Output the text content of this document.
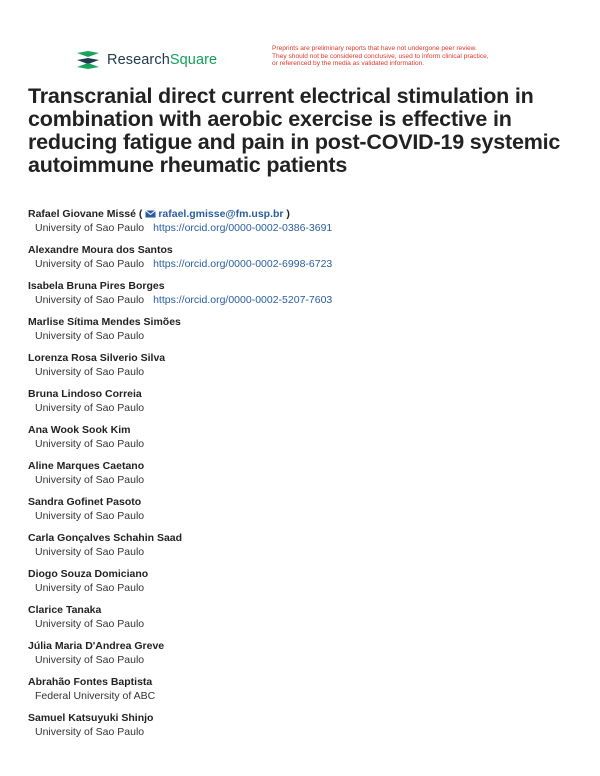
ResearchSquare
Preprints are preliminary reports that have not undergone peer review.
They should not be considered conclusive, used to inform clinical practice,
or referenced by the media as validated information.
Transcranial direct current electrical stimulation in combination with aerobic exercise is effective in reducing fatigue and pain in post-COVID-19 systemic autoimmune rheumatic patients
Rafael Giovane Missé ( rafael.gmisse@fm.usp.br )
University of Sao Paulo https://orcid.org/0000-0002-0386-3691
Alexandre Moura dos Santos
University of Sao Paulo https://orcid.org/0000-0002-6998-6723
Isabela Bruna Pires Borges
University of Sao Paulo https://orcid.org/0000-0002-5207-7603
Marlise Sítima Mendes Simões
University of Sao Paulo
Lorenza Rosa Silverio Silva
University of Sao Paulo
Bruna Lindoso Correia
University of Sao Paulo
Ana Wook Sook Kim
University of Sao Paulo
Aline Marques Caetano
University of Sao Paulo
Sandra Gofinet Pasoto
University of Sao Paulo
Carla Gonçalves Schahin Saad
University of Sao Paulo
Diogo Souza Domiciano
University of Sao Paulo
Clarice Tanaka
University of Sao Paulo
Júlia Maria D'Andrea Greve
University of Sao Paulo
Abrahão Fontes Baptista
Federal University of ABC
Samuel Katsuyuki Shinjo
University of Sao Paulo
